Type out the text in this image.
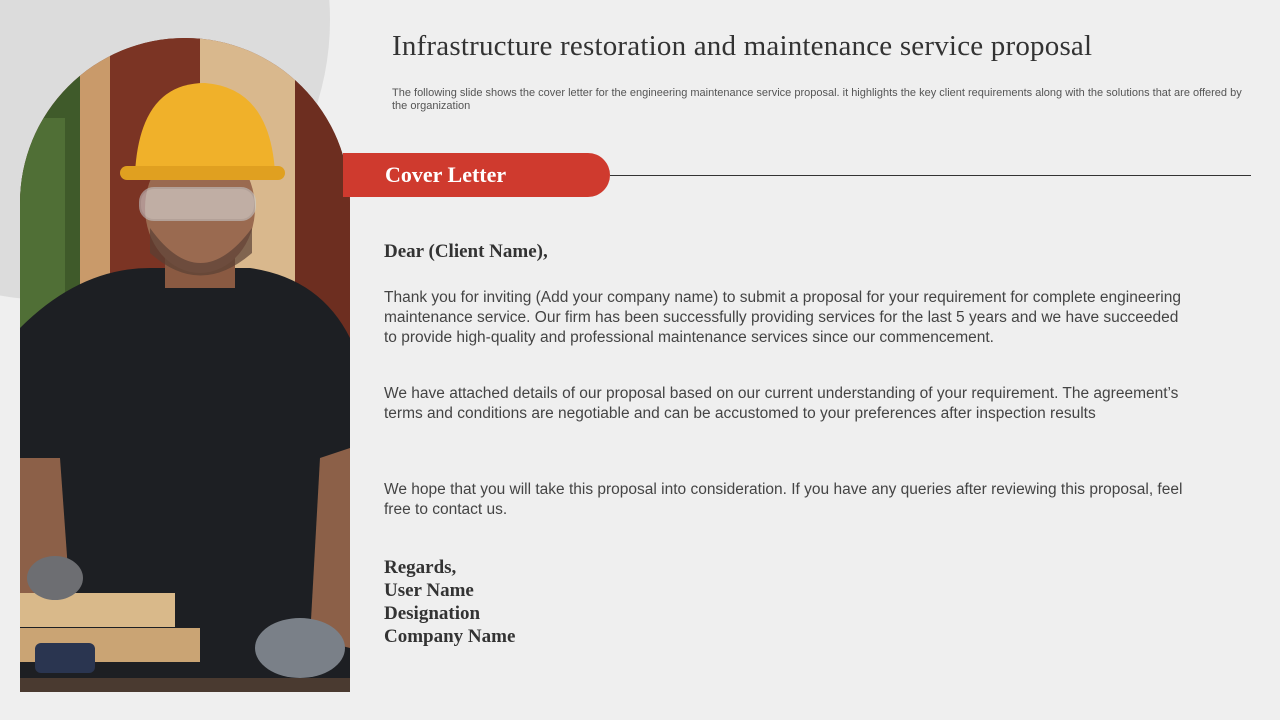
Infrastructure restoration and maintenance service proposal

The following slide shows the cover letter for the engineering maintenance service proposal. it highlights the key client requirements along with the solutions that are offered by the organization

Cover Letter

Dear (Client Name),

Thank you for inviting (Add your company name) to submit a proposal for your requirement for complete engineering maintenance service. Our firm has been successfully providing services for the last 5 years and we have succeeded to provide high-quality and professional maintenance services since our commencement.

We have attached details of our proposal based on our current understanding of your requirement. The agreement’s terms and conditions are negotiable and can be accustomed to your preferences after inspection results

We hope that you will take this proposal into consideration. If you have any queries after reviewing this proposal, feel free to contact us.

Regards,
User Name
Designation
Company Name
